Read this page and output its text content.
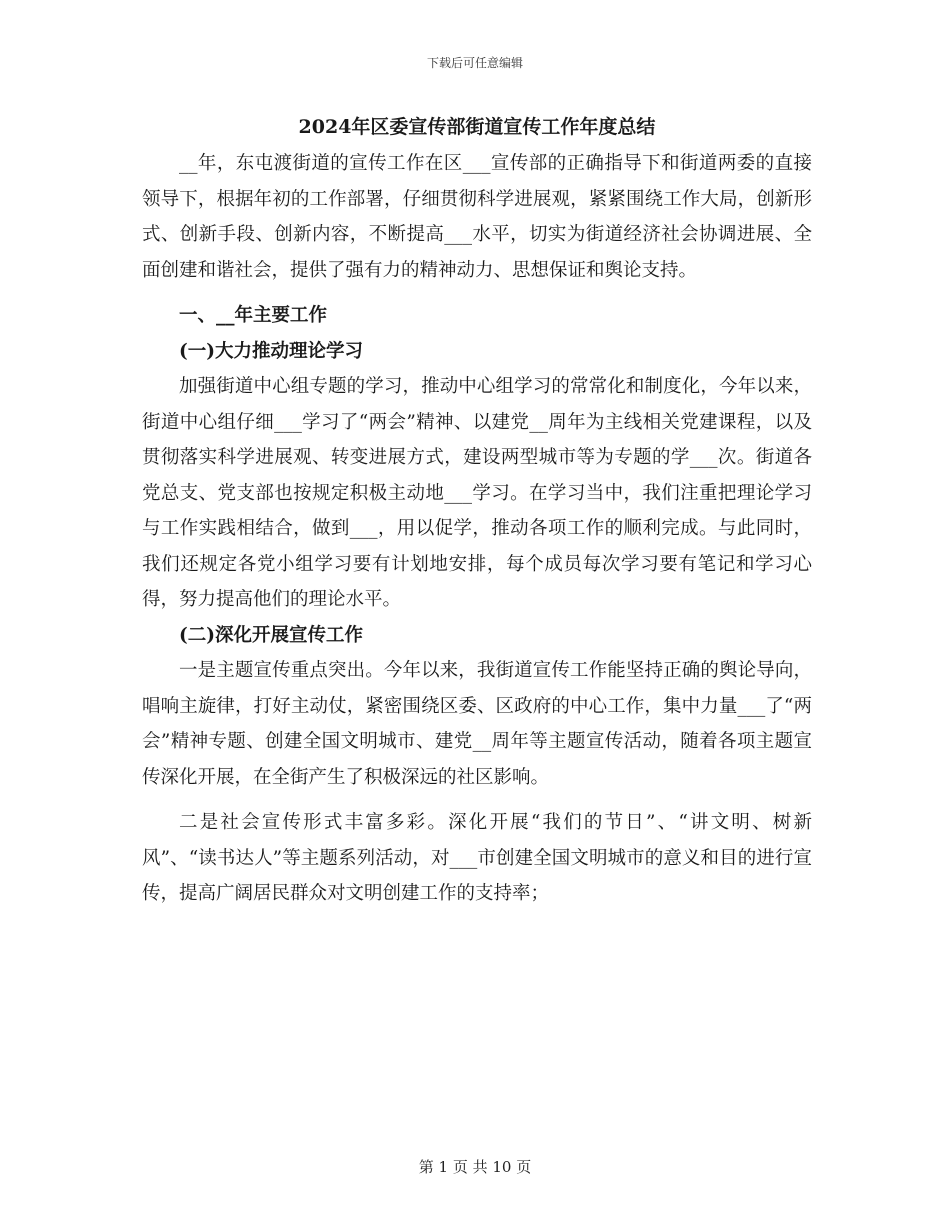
下载后可任意编辑
2024年区委宣传部街道宣传工作年度总结

__年，东屯渡街道的宣传工作在区___宣传部的正确指导下和街道两委的直接领导下，根据年初的工作部署，仔细贯彻科学进展观，紧紧围绕工作大局，创新形式、创新手段、创新内容，不断提高___水平，切实为街道经济社会协调进展、全面创建和谐社会，提供了强有力的精神动力、思想保证和舆论支持。

一、__年主要工作
(一)大力推动理论学习

加强街道中心组专题的学习，推动中心组学习的常常化和制度化，今年以来，街道中心组仔细___学习了“两会”精神、以建党__周年为主线相关党建课程，以及贯彻落实科学进展观、转变进展方式，建设两型城市等为专题的学___次。街道各党总支、党支部也按规定积极主动地___学习。在学习当中，我们注重把理论学习与工作实践相结合，做到___，用以促学，推动各项工作的顺利完成。与此同时，我们还规定各党小组学习要有计划地安排，每个成员每次学习要有笔记和学习心得，努力提高他们的理论水平。

(二)深化开展宣传工作

一是主题宣传重点突出。今年以来，我街道宣传工作能坚持正确的舆论导向，唱响主旋律，打好主动仗，紧密围绕区委、区政府的中心工作，集中力量___了“两会”精神专题、创建全国文明城市、建党__周年等主题宣传活动，随着各项主题宣传深化开展，在全街产生了积极深远的社区影响。

二是社会宣传形式丰富多彩。深化开展“我们的节日”、“讲文明、树新风”、“读书达人”等主题系列活动，对___市创建全国文明城市的意义和目的进行宣传，提高广阔居民群众对文明创建工作的支持率；

第 1 页 共 10 页
